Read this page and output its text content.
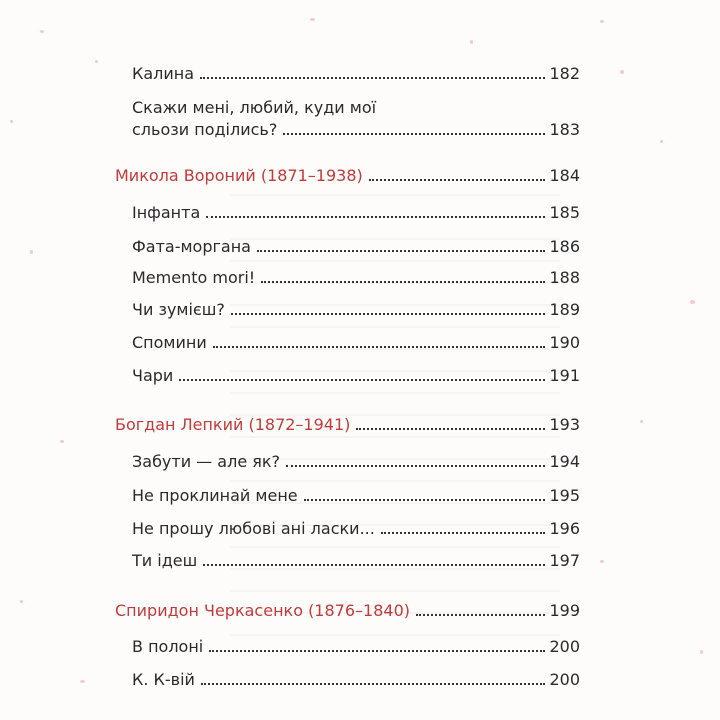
Калина	182
Скажи мені, любий, куди мої
сльози поділись?	183
Микола Вороний (1871–1938)	184
Інфанта	185
Фата-моргана	186
Memento mori!	188
Чи зумієш?	189
Спомини	190
Чари	191
Богдан Лепкий (1872–1941)	193
Забути — але як?	194
Не проклинай мене	195
Не прошу любові ані ласки...	196
Ти ідеш	197
Спиридон Черкасенко (1876–1840)	199
В полоні	200
К. К-вій	200
